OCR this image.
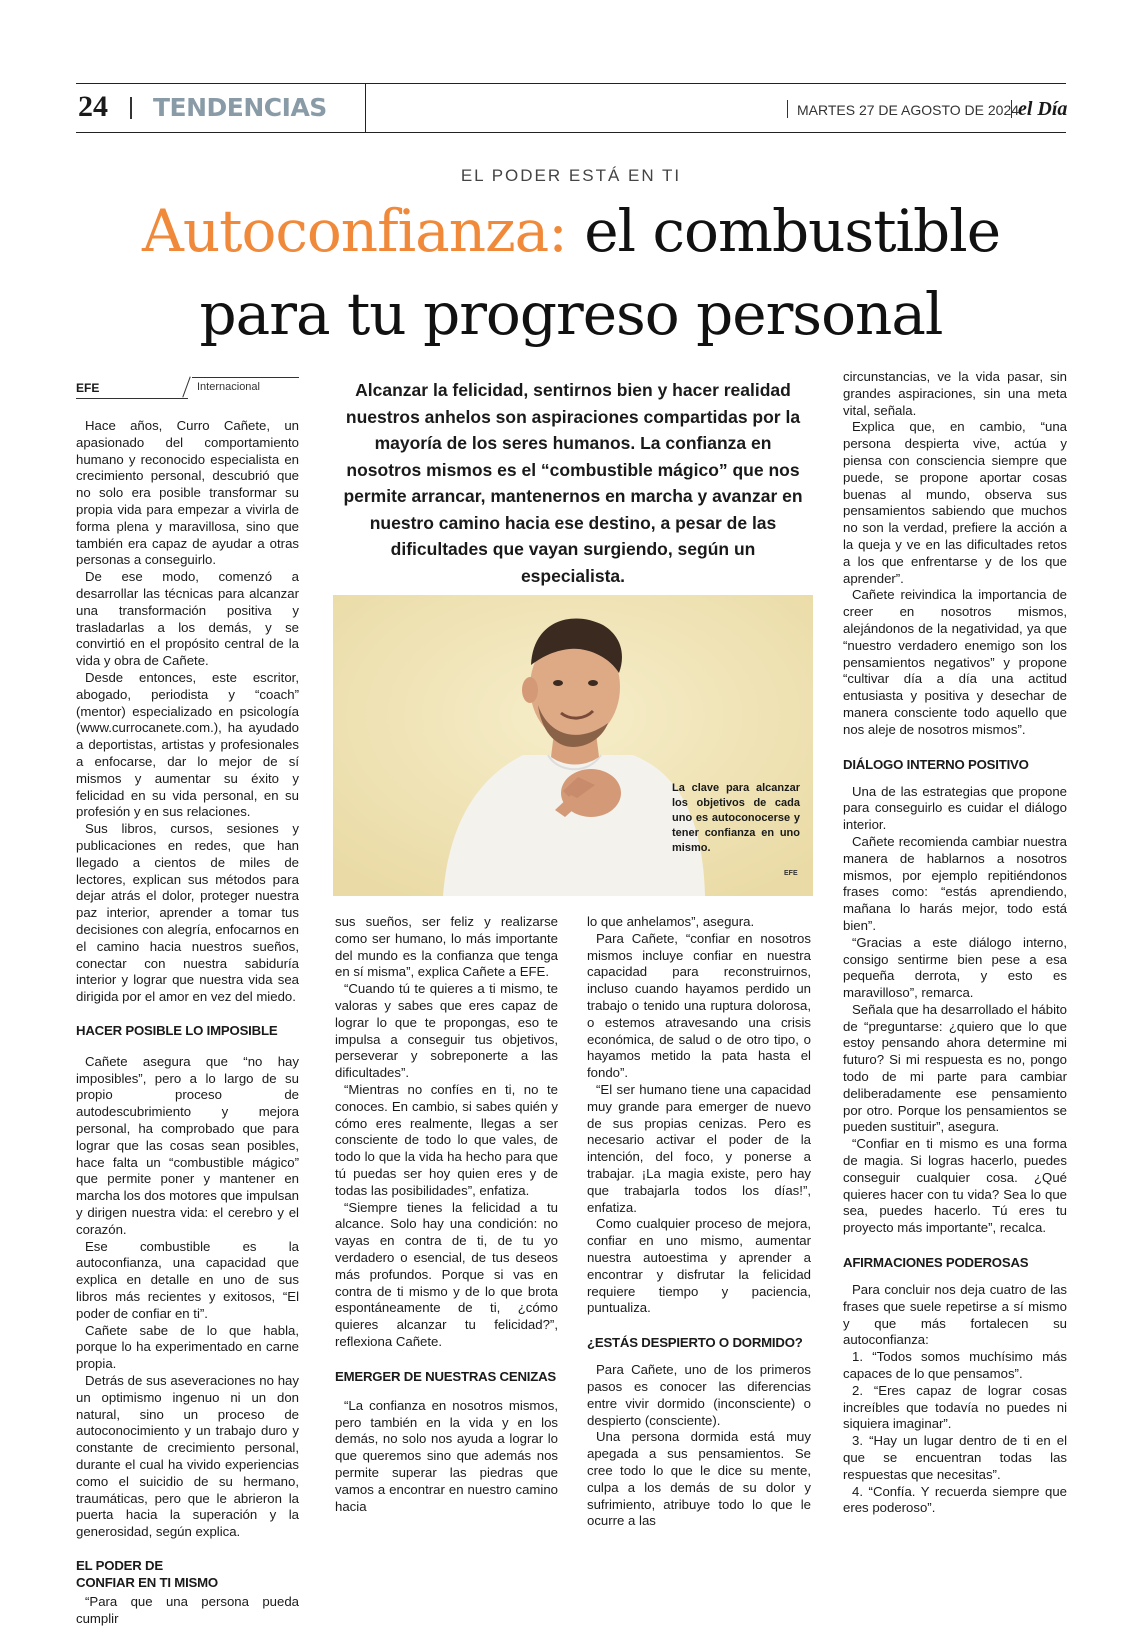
24 TENDENCIAS	MARTES 27 DE AGOSTO DE 2024
el Día
EL PODER ESTÁ EN TI
Autoconfianza: el combustible
para tu progreso personal
EFE	Internacional

Hace años, Curro Cañete, un apasionado del comportamiento humano y reconocido especialista en crecimiento personal, descubrió que no solo era posible transformar su propia vida para empezar a vivirla de forma plena y maravillosa, sino que también era capaz de ayudar a otras personas a conseguirlo.

De ese modo, comenzó a desarrollar las técnicas para alcanzar una transformación positiva y trasladarlas a los demás, y se convirtió en el propósito central de la vida y obra de Cañete.

Desde entonces, este escritor, abogado, periodista y “coach” (mentor) especializado en psicología (www.currocanete.com.), ha ayudado a deportistas, artistas y profesionales a enfocarse, dar lo mejor de sí mismos y aumentar su éxito y felicidad en su vida personal, en su profesión y en sus relaciones.

Sus libros, cursos, sesiones y publicaciones en redes, que han llegado a cientos de miles de lectores, explican sus métodos para dejar atrás el dolor, proteger nuestra paz interior, aprender a tomar tus decisiones con alegría, enfocarnos en el camino hacia nuestros sueños, conectar con nuestra sabiduría interior y lograr que nuestra vida sea dirigida por el amor en vez del miedo.

HACER POSIBLE LO IMPOSIBLE

Cañete asegura que “no hay imposibles”, pero a lo largo de su propio proceso de autodescubrimiento y mejora personal, ha comprobado que para lograr que las cosas sean posibles, hace falta un “combustible mágico” que permite poner y mantener en marcha los dos motores que impulsan y dirigen nuestra vida: el cerebro y el corazón.

Ese combustible es la autoconfianza, una capacidad que explica en detalle en uno de sus libros más recientes y exitosos, “El poder de confiar en ti”.

Cañete sabe de lo que habla, porque lo ha experimentado en carne propia.

Detrás de sus aseveraciones no hay un optimismo ingenuo ni un don natural, sino un proceso de autoconocimiento y un trabajo duro y constante de crecimiento personal, durante el cual ha vivido experiencias como el suicidio de su hermano, traumáticas, pero que le abrieron la puerta hacia la superación y la generosidad, según explica.

EL PODER DE
CONFIAR EN TI MISMO

“Para que una persona pueda cumplir

Alcanzar la felicidad, sentirnos bien y hacer realidad nuestros anhelos son aspiraciones compartidas por la mayoría de los seres humanos. La confianza en nosotros mismos es el “combustible mágico” que nos permite arrancar, mantenernos en marcha y avanzar en nuestro camino hacia ese destino, a pesar de las dificultades que vayan surgiendo, según un especialista.
La clave para alcanzar los objetivos de cada uno es autoconocerse y tener confianza en uno mismo.
EFE

sus sueños, ser feliz y realizarse como ser humano, lo más importante del mundo es la confianza que tenga en sí misma”, explica Cañete a EFE.

“Cuando tú te quieres a ti mismo, te valoras y sabes que eres capaz de lograr lo que te propongas, eso te impulsa a conseguir tus objetivos, perseverar y sobreponerte a las dificultades”.

“Mientras no confíes en ti, no te conoces. En cambio, si sabes quién y cómo eres realmente, llegas a ser consciente de todo lo que vales, de todo lo que la vida ha hecho para que tú puedas ser hoy quien eres y de todas las posibilidades”, enfatiza.

“Siempre tienes la felicidad a tu alcance. Solo hay una condición: no vayas en contra de ti, de tu yo verdadero o esencial, de tus deseos más profundos. Porque si vas en contra de ti mismo y de lo que brota espontáneamente de ti, ¿cómo quieres alcanzar tu felicidad?”, reflexiona Cañete.

EMERGER DE NUESTRAS CENIZAS

“La confianza en nosotros mismos, pero también en la vida y en los demás, no solo nos ayuda a lograr lo que queremos sino que además nos permite superar las piedras que vamos a encontrar en nuestro camino hacia

lo que anhelamos”, asegura.

Para Cañete, “confiar en nosotros mismos incluye confiar en nuestra capacidad para reconstruirnos, incluso cuando hayamos perdido un trabajo o tenido una ruptura dolorosa, o estemos atravesando una crisis económica, de salud o de otro tipo, o hayamos metido la pata hasta el fondo”.

“El ser humano tiene una capacidad muy grande para emerger de nuevo de sus propias cenizas. Pero es necesario activar el poder de la intención, del foco, y ponerse a trabajar. ¡La magia existe, pero hay que trabajarla todos los días!”, enfatiza.

Como cualquier proceso de mejora, confiar en uno mismo, aumentar nuestra autoestima y aprender a encontrar y disfrutar la felicidad requiere tiempo y paciencia, puntualiza.

¿ESTÁS DESPIERTO O DORMIDO?

Para Cañete, uno de los primeros pasos es conocer las diferencias entre vivir dormido (inconsciente) o despierto (consciente).

Una persona dormida está muy apegada a sus pensamientos. Se cree todo lo que le dice su mente, culpa a los demás de su dolor y sufrimiento, atribuye todo lo que le ocurre a las

circunstancias, ve la vida pasar, sin grandes aspiraciones, sin una meta vital, señala.

Explica que, en cambio, “una persona despierta vive, actúa y piensa con consciencia siempre que puede, se propone aportar cosas buenas al mundo, observa sus pensamientos sabiendo que muchos no son la verdad, prefiere la acción a la queja y ve en las dificultades retos a los que enfrentarse y de los que aprender”.

Cañete reivindica la importancia de creer en nosotros mismos, alejándonos de la negatividad, ya que “nuestro verdadero enemigo son los pensamientos negativos” y propone “cultivar día a día una actitud entusiasta y positiva y desechar de manera consciente todo aquello que nos aleje de nosotros mismos”.

DIÁLOGO INTERNO POSITIVO

Una de las estrategias que propone para conseguirlo es cuidar el diálogo interior.

Cañete recomienda cambiar nuestra manera de hablarnos a nosotros mismos, por ejemplo repitiéndonos frases como: “estás aprendiendo, mañana lo harás mejor, todo está bien”.

“Gracias a este diálogo interno, consigo sentirme bien pese a esa pequeña derrota, y esto es maravilloso”, remarca.

Señala que ha desarrollado el hábito de “preguntarse: ¿quiero que lo que estoy pensando ahora determine mi futuro? Si mi respuesta es no, pongo todo de mi parte para cambiar deliberadamente ese pensamiento por otro. Porque los pensamientos se pueden sustituir”, asegura.

“Confiar en ti mismo es una forma de magia. Si logras hacerlo, puedes conseguir cualquier cosa. ¿Qué quieres hacer con tu vida? Sea lo que sea, puedes hacerlo. Tú eres tu proyecto más importante”, recalca.

AFIRMACIONES PODEROSAS

Para concluir nos deja cuatro de las frases que suele repetirse a sí mismo y que más fortalecen su autoconfianza:

1. “Todos somos muchísimo más capaces de lo que pensamos”.

2. “Eres capaz de lograr cosas increíbles que todavía no puedes ni siquiera imaginar”.

3. “Hay un lugar dentro de ti en el que se encuentran todas las respuestas que necesitas”.

4. “Confía. Y recuerda siempre que eres poderoso”.
